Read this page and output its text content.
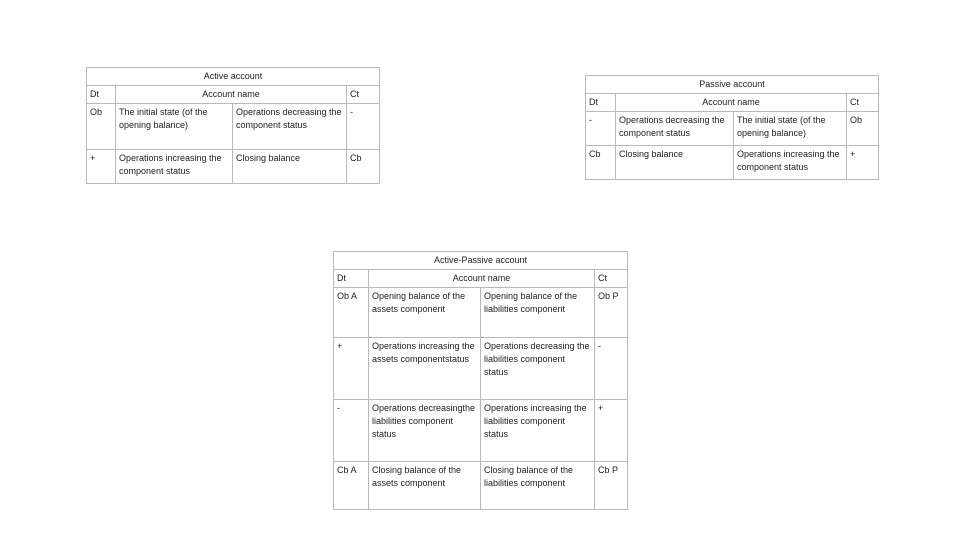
Active account			
Dt	Account name		Ct
Ob	The initial state (of the opening balance)	Operations decreasing the component status	-
+	Operations increasing the component status	Closing balance	Cb
Passive account			
Dt	Account name		Ct
-	Operations decreasing the component status	The initial state (of the opening balance)	Ob
Cb	Closing balance	Operations increasing the component status	+
Active-Passive account			
Dt	Account name		Ct
Ob A	Opening balance of the assets component	Opening balance of the liabilities component	Ob P
+	Operations increasing the assets componentstatus	Operations decreasing the liabilities component status	-
-	Operations decreasingthe liabilities component status	Operations increasing the liabilities component status	+
Cb A	Closing balance of the assets component	Closing balance of the liabilities component	Cb P
